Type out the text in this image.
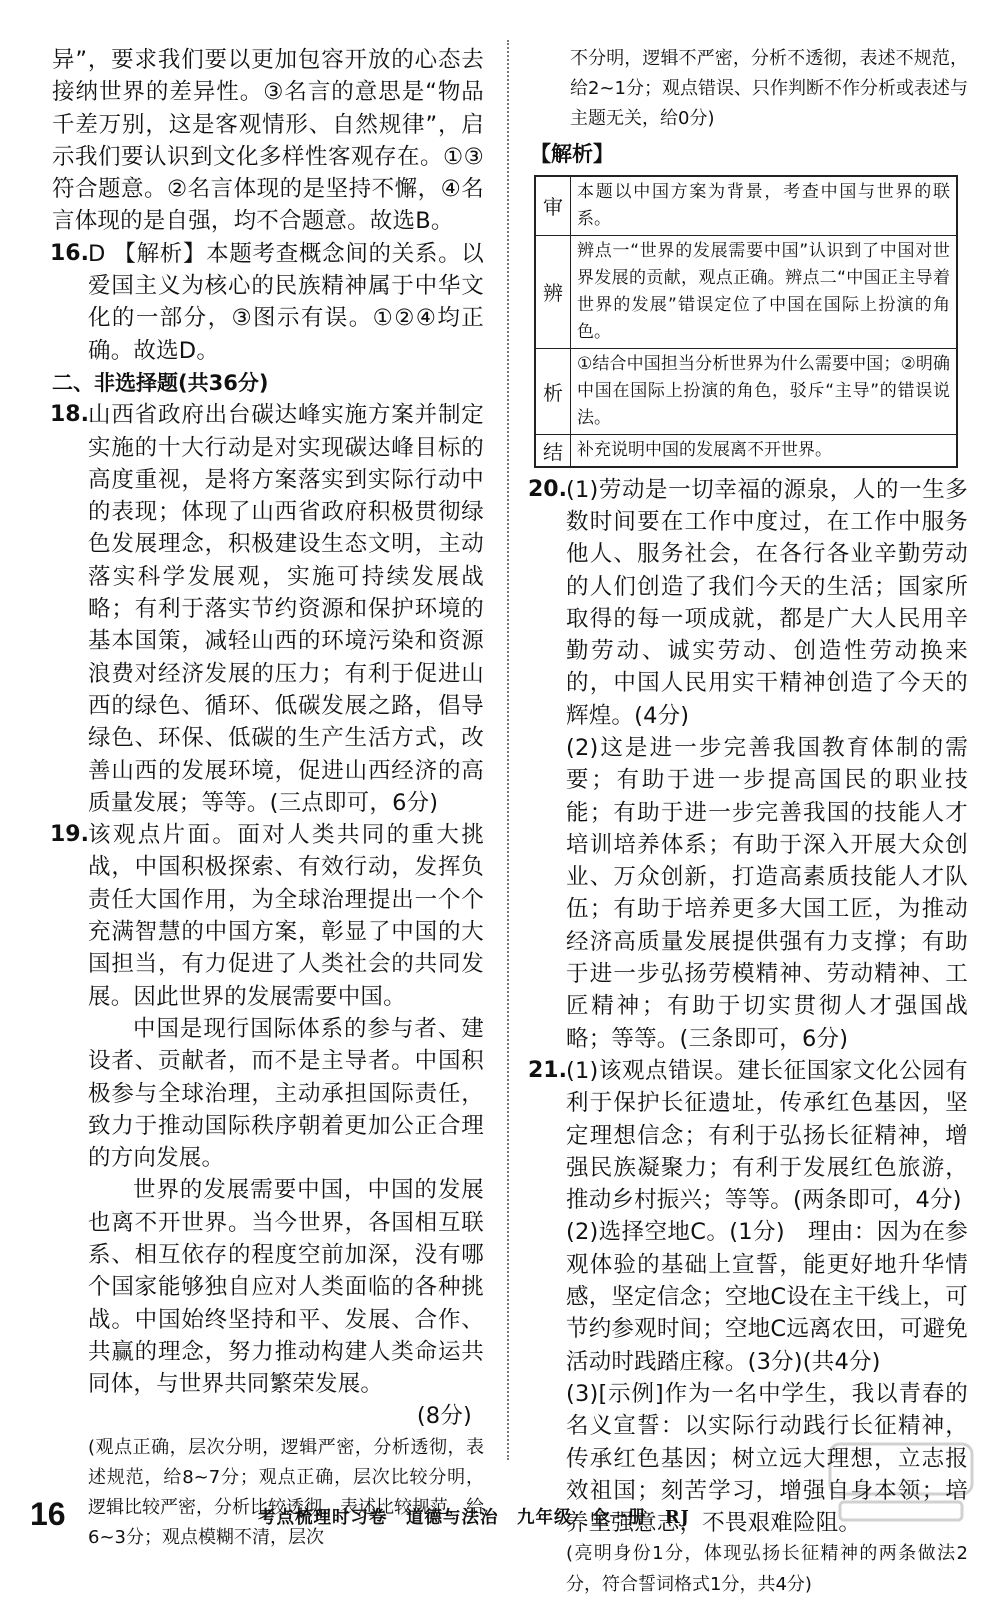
异”，要求我们要以更加包容开放的心态去接纳世界的差异性。③名言的意思是“物品千差万别，这是客观情形、自然规律”，启示我们要认识到文化多样性客观存在。①③符合题意。②名言体现的是坚持不懈，④名言体现的是自强，均不合题意。故选B。

16. D 【解析】本题考查概念间的关系。以爱国主义为核心的民族精神属于中华文化的一部分，③图示有误。①②④均正确。故选D。

二、非选择题(共36分)

18. 山西省政府出台碳达峰实施方案并制定实施的十大行动是对实现碳达峰目标的高度重视，是将方案落实到实际行动中的表现；体现了山西省政府积极贯彻绿色发展理念，积极建设生态文明，主动落实科学发展观，实施可持续发展战略；有利于落实节约资源和保护环境的基本国策，减轻山西的环境污染和资源浪费对经济发展的压力；有利于促进山西的绿色、循环、低碳发展之路，倡导绿色、环保、低碳的生产生活方式，改善山西的发展环境，促进山西经济的高质量发展；等等。(三点即可，6分)

19. 该观点片面。面对人类共同的重大挑战，中国积极探索、有效行动，发挥负责任大国作用，为全球治理提出一个个充满智慧的中国方案，彰显了中国的大国担当，有力促进了人类社会的共同发展。因此世界的发展需要中国。

中国是现行国际体系的参与者、建设者、贡献者，而不是主导者。中国积极参与全球治理，主动承担国际责任，致力于推动国际秩序朝着更加公正合理的方向发展。

世界的发展需要中国，中国的发展也离不开世界。当今世界，各国相互联系、相互依存的程度空前加深，没有哪个国家能够独自应对人类面临的各种挑战。中国始终坚持和平、发展、合作、共赢的理念，努力推动构建人类命运共同体，与世界共同繁荣发展。

(8分)

(观点正确，层次分明，逻辑严密，分析透彻，表述规范，给8~7分；观点正确，层次比较分明，逻辑比较严密，分析比较透彻，表述比较规范，给6~3分；观点模糊不清，层次

不分明，逻辑不严密，分析不透彻，表述不规范，给2~1分；观点错误、只作判断不作分析或表述与主题无关，给0分)

【解析】

审	本题以中国方案为背景，考查中国与世界的联系。
辨	辨点一“世界的发展需要中国”认识到了中国对世界发展的贡献，观点正确。辨点二“中国正主导着世界的发展”错误定位了中国在国际上扮演的角色。
析	①结合中国担当分析世界为什么需要中国；②明确中国在国际上扮演的角色，驳斥“主导”的错误说法。
结	补充说明中国的发展离不开世界。
20. (1)劳动是一切幸福的源泉，人的一生多数时间要在工作中度过，在工作中服务他人、服务社会，在各行各业辛勤劳动的人们创造了我们今天的生活；国家所取得的每一项成就，都是广大人民用辛勤劳动、诚实劳动、创造性劳动换来的，中国人民用实干精神创造了今天的辉煌。(4分)

(2)这是进一步完善我国教育体制的需要；有助于进一步提高国民的职业技能；有助于进一步完善我国的技能人才培训培养体系；有助于深入开展大众创业、万众创新，打造高素质技能人才队伍；有助于培养更多大国工匠，为推动经济高质量发展提供强有力支撑；有助于进一步弘扬劳模精神、劳动精神、工匠精神；有助于切实贯彻人才强国战略；等等。(三条即可，6分)

21. (1)该观点错误。建长征国家文化公园有利于保护长征遗址，传承红色基因，坚定理想信念；有利于弘扬长征精神，增强民族凝聚力；有利于发展红色旅游，推动乡村振兴；等等。(两条即可，4分)

(2)选择空地C。(1分)　理由：因为在参观体验的基础上宣誓，能更好地升华情感，坚定信念；空地C设在主干线上，可节约参观时间；空地C远离农田，可避免活动时践踏庄稼。(3分)(共4分)

(3)[示例]作为一名中学生，我以青春的名义宣誓：以实际行动践行长征精神，传承红色基因；树立远大理想，立志报效祖国；刻苦学习，增强自身本领；培养坚强意志，不畏艰难险阻。

(亮明身份1分，体现弘扬长征精神的两条做法2分，符合誓词格式1分，共4分)

16	考点梳理时习卷　道德与法治　九年级　全一册　RJ
